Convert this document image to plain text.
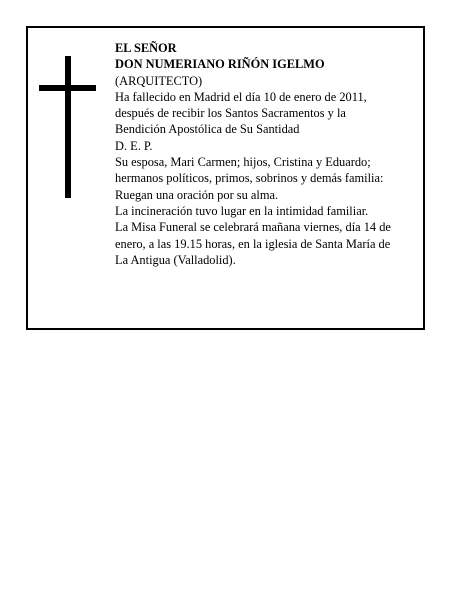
EL SEÑOR
DON NUMERIANO RIÑÓN IGELMO
(ARQUITECTO)
Ha fallecido en Madrid el día 10 de enero de 2011,
después de recibir los Santos Sacramentos y la
Bendición Apostólica de Su Santidad
D. E. P.
Su esposa, Mari Carmen; hijos, Cristina y Eduardo;
hermanos políticos, primos, sobrinos y demás familia:
Ruegan una oración por su alma.
La incineración tuvo lugar en la intimidad familiar.
La Misa Funeral se celebrará mañana viernes, día 14 de
enero, a las 19.15 horas, en la iglesia de Santa María de
La Antigua (Valladolid).
